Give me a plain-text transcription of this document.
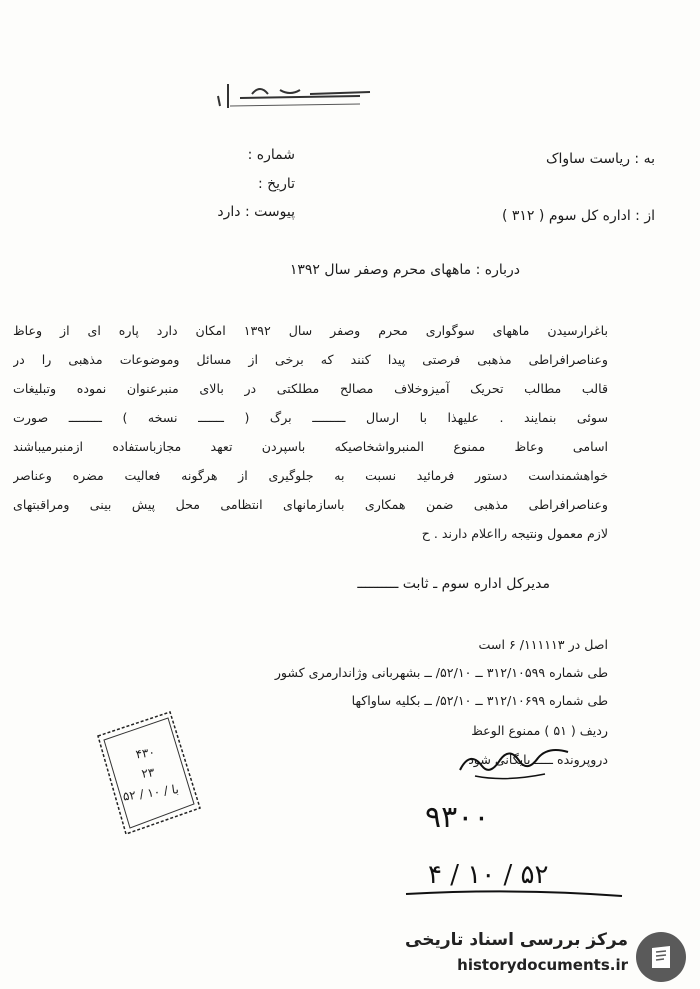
به : ریاست ساواک
شماره :
تاریخ :
پیوست : دارد	از : اداره کل سوم ( ۳۱۲ )
درباره : ماههای محرم وصفر سال ۱۳۹۲
باغرارسیدن ماههای سوگواری محرم وصفر سال ۱۳۹۲ امکان دارد پاره ای از وعاظ
وعناصرافراطی مذهبی فرصتی پیدا کنند که برخی از مسائل وموضوعات مذهبی را در
قالب مطالب تحریک آمیزوخلاف مصالح مطلکتی در بالای منبرعنوان نموده وتبلیغات
سوئی بنمایند . علیهذا با ارسال ـــــــــ برگ ( ـــــــ نسخه ) ـــــــــ صورت
اسامی وعاظ ممنوع المنبرواشخاصیکه باسپردن تعهد مجازباستفاده ازمنبرمیباشند
خواهشمنداست دستور فرمائید نسبت به جلوگیری از هرگونه فعالیت مضره وعناصر
وعناصرافراطی مذهبی ضمن همکاری باسازمانهای انتظامی محل پیش بینی ومراقبتهای
لازم معمول ونتیجه رااعلام دارند . ح
مدیرکل اداره سوم ـ ثابت ــــــــــ
اصل در ۱۱۱۱۱۳/ ۶ است
طی شماره ۳۱۲/۱۰۵۹۹ ــ ۵۲/۱۰/ ــ بشهربانی وژاندارمری کشور
طی شماره ۳۱۲/۱۰۶۹۹ ــ ۵۲/۱۰/ ــ بکلیه ساواکها
ردیف ( ۵۱ ) ممنوع الوعظ
دروپرونده ـــــ بایگانی شود
۹۳۰۰
۵۲ / ۱۰ / ۴
۴۳۰
۲۳
با / ۱۰ / ۵۲
مرکز بررسی اسناد تاریخی
historydocuments.ir
